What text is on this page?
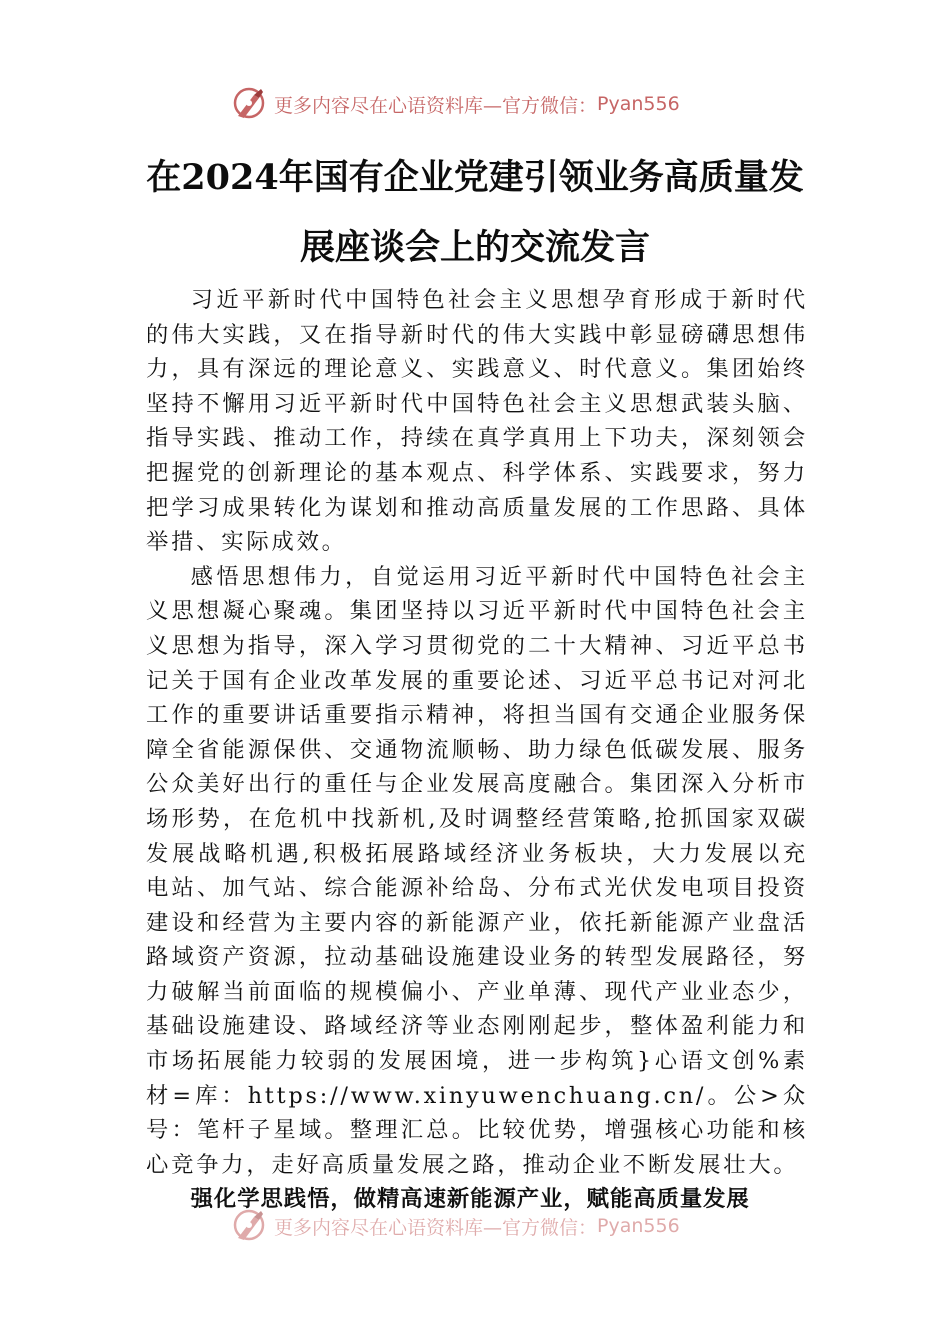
更多内容尽在心语资料库—官方微信： Pyan556
在2024年国有企业党建引领业务高质量发
展座谈会上的交流发言

习近平新时代中国特色社会主义思想孕育形成于新时代的伟大实践，又在指导新时代的伟大实践中彰显磅礴思想伟力，具有深远的理论意义、实践意义、时代意义。集团始终坚持不懈用习近平新时代中国特色社会主义思想武装头脑、指导实践、推动工作，持续在真学真用上下功夫，深刻领会把握党的创新理论的基本观点、科学体系、实践要求，努力把学习成果转化为谋划和推动高质量发展的工作思路、具体举措、实际成效。

感悟思想伟力，自觉运用习近平新时代中国特色社会主义思想凝心聚魂。集团坚持以习近平新时代中国特色社会主义思想为指导，深入学习贯彻党的二十大精神、习近平总书记关于国有企业改革发展的重要论述、习近平总书记对河北工作的重要讲话重要指示精神，将担当国有交通企业服务保障全省能源保供、交通物流顺畅、助力绿色低碳发展、服务公众美好出行的重任与企业发展高度融合。集团深入分析市场形势，在危机中找新机,及时调整经营策略,抢抓国家双碳发展战略机遇,积极拓展路域经济业务板块，大力发展以充电站、加气站、综合能源补给岛、分布式光伏发电项目投资建设和经营为主要内容的新能源产业，依托新能源产业盘活路域资产资源，拉动基础设施建设业务的转型发展路径，努力破解当前面临的规模偏小、产业单薄、现代产业业态少，基础设施建设、路域经济等业态刚刚起步，整体盈利能力和市场拓展能力较弱的发展困境，进一步构筑}心语文创%素材=库：https://www.xinyuwenchuang.cn/。公>众号：笔杆子星域。整理汇总。比较优势，增强核心功能和核心竞争力，走好高质量发展之路，推动企业不断发展壮大。

强化学思践悟，做精高速新能源产业，赋能高质量发展

更多内容尽在心语资料库—官方微信： Pyan556
